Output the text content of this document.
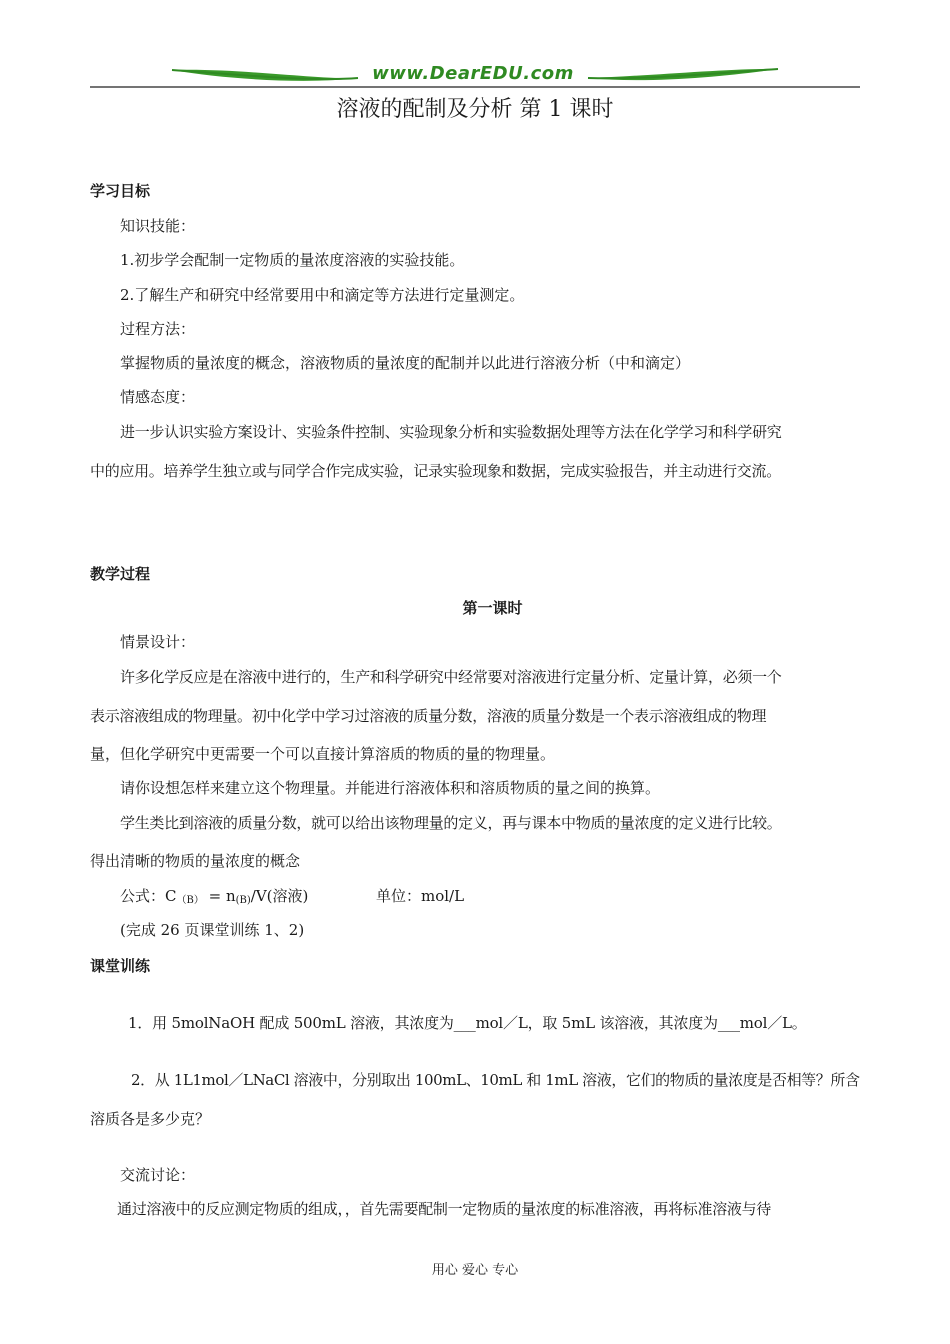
www.DearEDU.com
溶液的配制及分析 第 1 课时
学习目标
知识技能：
1.初步学会配制一定物质的量浓度溶液的实验技能。
2.了解生产和研究中经常要用中和滴定等方法进行定量测定。
过程方法：
掌握物质的量浓度的概念，溶液物质的量浓度的配制并以此进行溶液分析（中和滴定）
情感态度：
进一步认识实验方案设计、实验条件控制、实验现象分析和实验数据处理等方法在化学学习和科学研究
中的应用。培养学生独立或与同学合作完成实验，记录实验现象和数据，完成实验报告，并主动进行交流。
教学过程
第一课时
情景设计：
许多化学反应是在溶液中进行的，生产和科学研究中经常要对溶液进行定量分析、定量计算，必须一个
表示溶液组成的物理量。初中化学中学习过溶液的质量分数，溶液的质量分数是一个表示溶液组成的物理
量，但化学研究中更需要一个可以直接计算溶质的物质的量的物理量。
请你设想怎样来建立这个物理量。并能进行溶液体积和溶质物质的量之间的换算。
学生类比到溶液的质量分数，就可以给出该物理量的定义，再与课本中物质的量浓度的定义进行比较。
得出清晰的物质的量浓度的概念
公式：$C_{(B)} = n_{(B)}/V$(溶液)	单位：mol/L
(完成 26 页课堂训练 1、2)
课堂训练
1．用 5molNaOH 配成 500mL 溶液，其浓度为___mol／L，取 5mL 该溶液，其浓度为___mol／L。
2．从 1L1mol／LNaCl 溶液中，分别取出 100mL、10mL 和 1mL 溶液，它们的物质的量浓度是否相等？所含
溶质各是多少克？
交流讨论：
通过溶液中的反应测定物质的组成，，首先需要配制一定物质的量浓度的标准溶液，再将标准溶液与待
用心 爱心 专心
